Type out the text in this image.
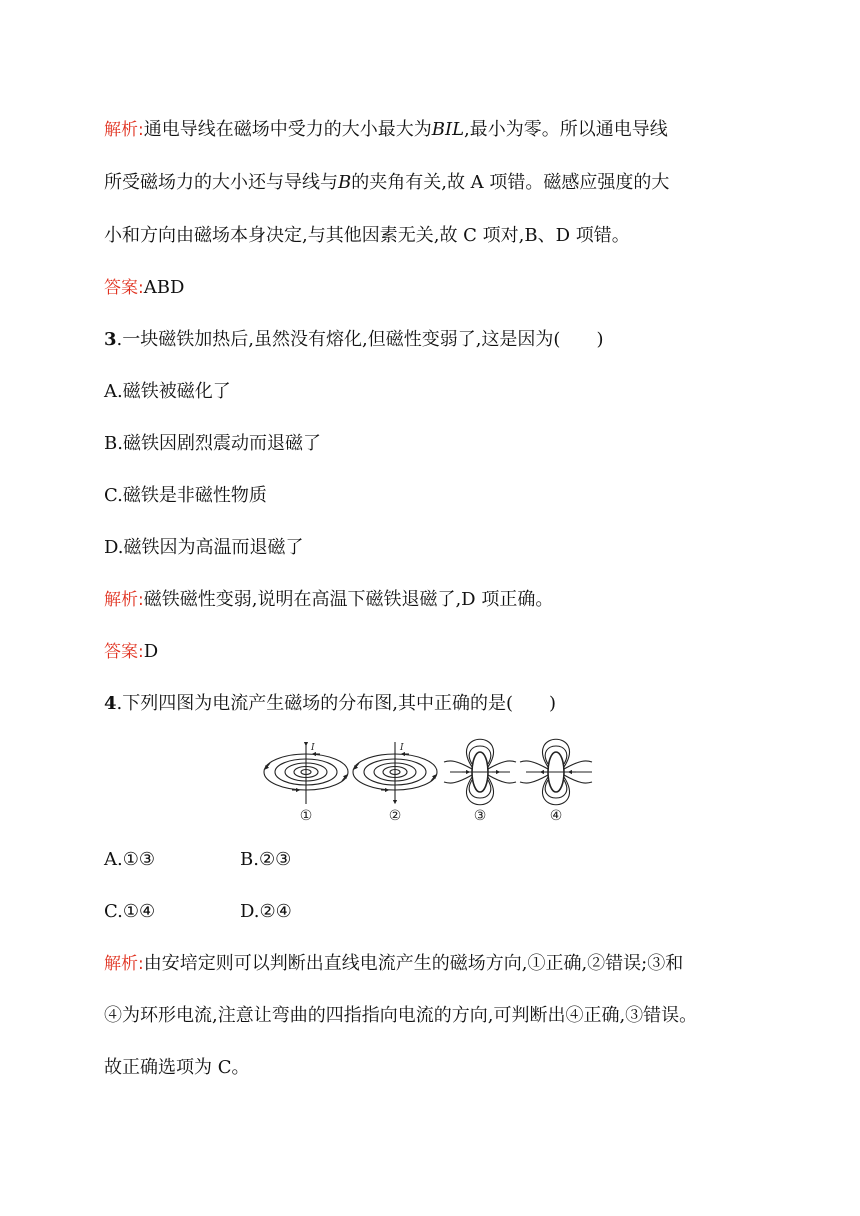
解析:通电导线在磁场中受力的大小最大为BIL,最小为零。所以通电导线
所受磁场力的大小还与导线与B的夹角有关,故 A 项错。磁感应强度的大
小和方向由磁场本身决定,与其他因素无关,故 C 项对,B、D 项错。
答案:ABD
3.一块磁铁加热后,虽然没有熔化,但磁性变弱了,这是因为(　　)
A.磁铁被磁化了
B.磁铁因剧烈震动而退磁了
C.磁铁是非磁性物质
D.磁铁因为高温而退磁了
解析:磁铁磁性变弱,说明在高温下磁铁退磁了,D 项正确。
答案:D
4.下列四图为电流产生磁场的分布图,其中正确的是(　　)
I	I
①	②	③	④
A.①③	B.②③
C.①④	D.②④
解析:由安培定则可以判断出直线电流产生的磁场方向,①正确,②错误;③和
④为环形电流,注意让弯曲的四指指向电流的方向,可判断出④正确,③错误。
故正确选项为 C。
